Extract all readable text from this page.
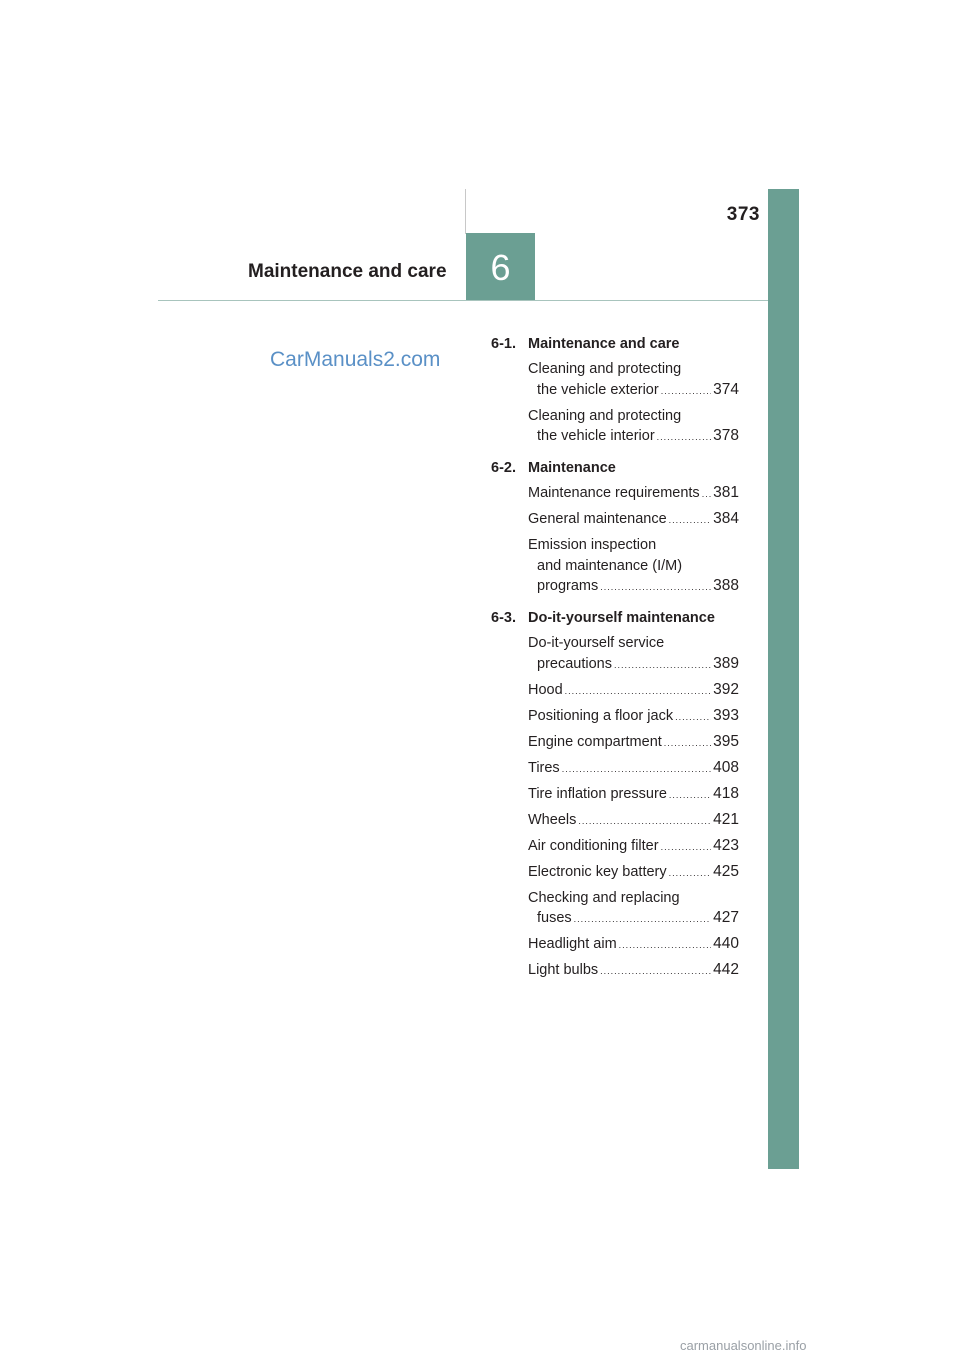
373
Maintenance and care	6
CarManuals2.com
carmanualsonline.info
6-1. Maintenance and care
Cleaning and protecting
the vehicle exterior .....	374
Cleaning and protecting
the vehicle interior .....	378
6-2. Maintenance
Maintenance requirements ..... 381
General maintenance .....	384
Emission inspection
and maintenance (I/M)
programs .....	388
6-3. Do-it-yourself maintenance
Do-it-yourself service
precautions .....	389
Hood .....	392
Positioning a floor jack .....	393
Engine compartment .....	395
Tires .....	408
Tire inflation pressure .....	418
Wheels .....	421
Air conditioning filter .....	423
Electronic key battery .....	425
Checking and replacing
fuses .....	427
Headlight aim .....	440
Light bulbs .....	442
